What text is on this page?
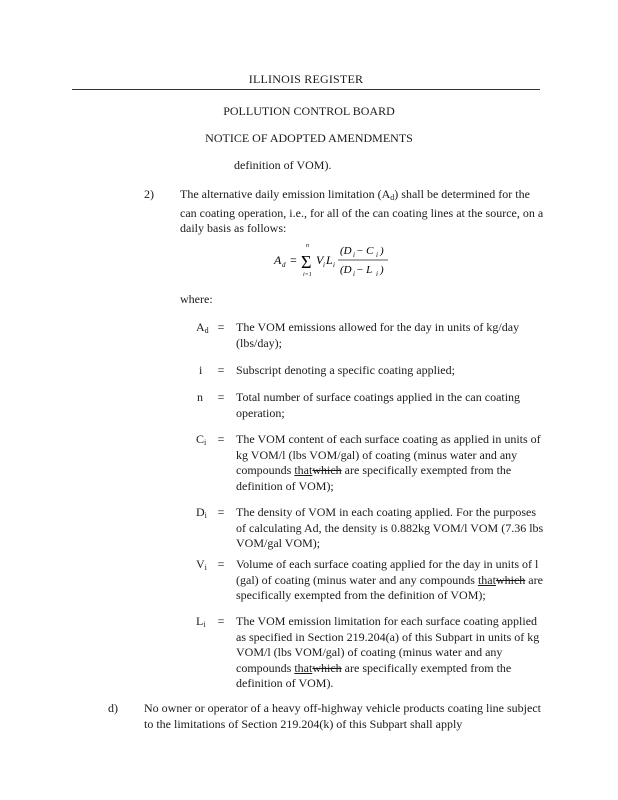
ILLINOIS REGISTER
POLLUTION CONTROL BOARD
NOTICE OF ADOPTED AMENDMENTS
definition of VOM).
2) The alternative daily emission limitation $(A_d)$ shall be determined for the can coating operation, i.e., for all of the can coating lines at the source, on a daily basis as follows:
A d =
n
Σ
i=1
V i L i
(D i − C i )
(D i − L i )
where:
$A_d$ = The VOM emissions allowed for the day in units of kg/day (lbs/day);
i	= Subscript denoting a specific coating applied;
n	= Total number of surface coatings applied in the can coating operation;
$C_i$ = The VOM content of each surface coating as applied in units of kg VOM/l (lbs VOM/gal) of coating (minus water and any compounds thatwhich are specifically exempted from the definition of VOM);
$D_i$ = The density of VOM in each coating applied. For the purposes of calculating Ad, the density is 0.882kg VOM/l VOM (7.36 lbs VOM/gal VOM);
$V_i$ = Volume of each surface coating applied for the day in units of l (gal) of coating (minus water and any compounds thatwhich are specifically exempted from the definition of VOM);
$L_i$	= The VOM emission limitation for each surface coating applied as specified in Section 219.204(a) of this Subpart in units of kg VOM/l (lbs VOM/gal) of coating (minus water and any compounds thatwhich are specifically exempted from the definition of VOM).
d) No owner or operator of a heavy off-highway vehicle products coating line subject to the limitations of Section 219.204(k) of this Subpart shall apply
